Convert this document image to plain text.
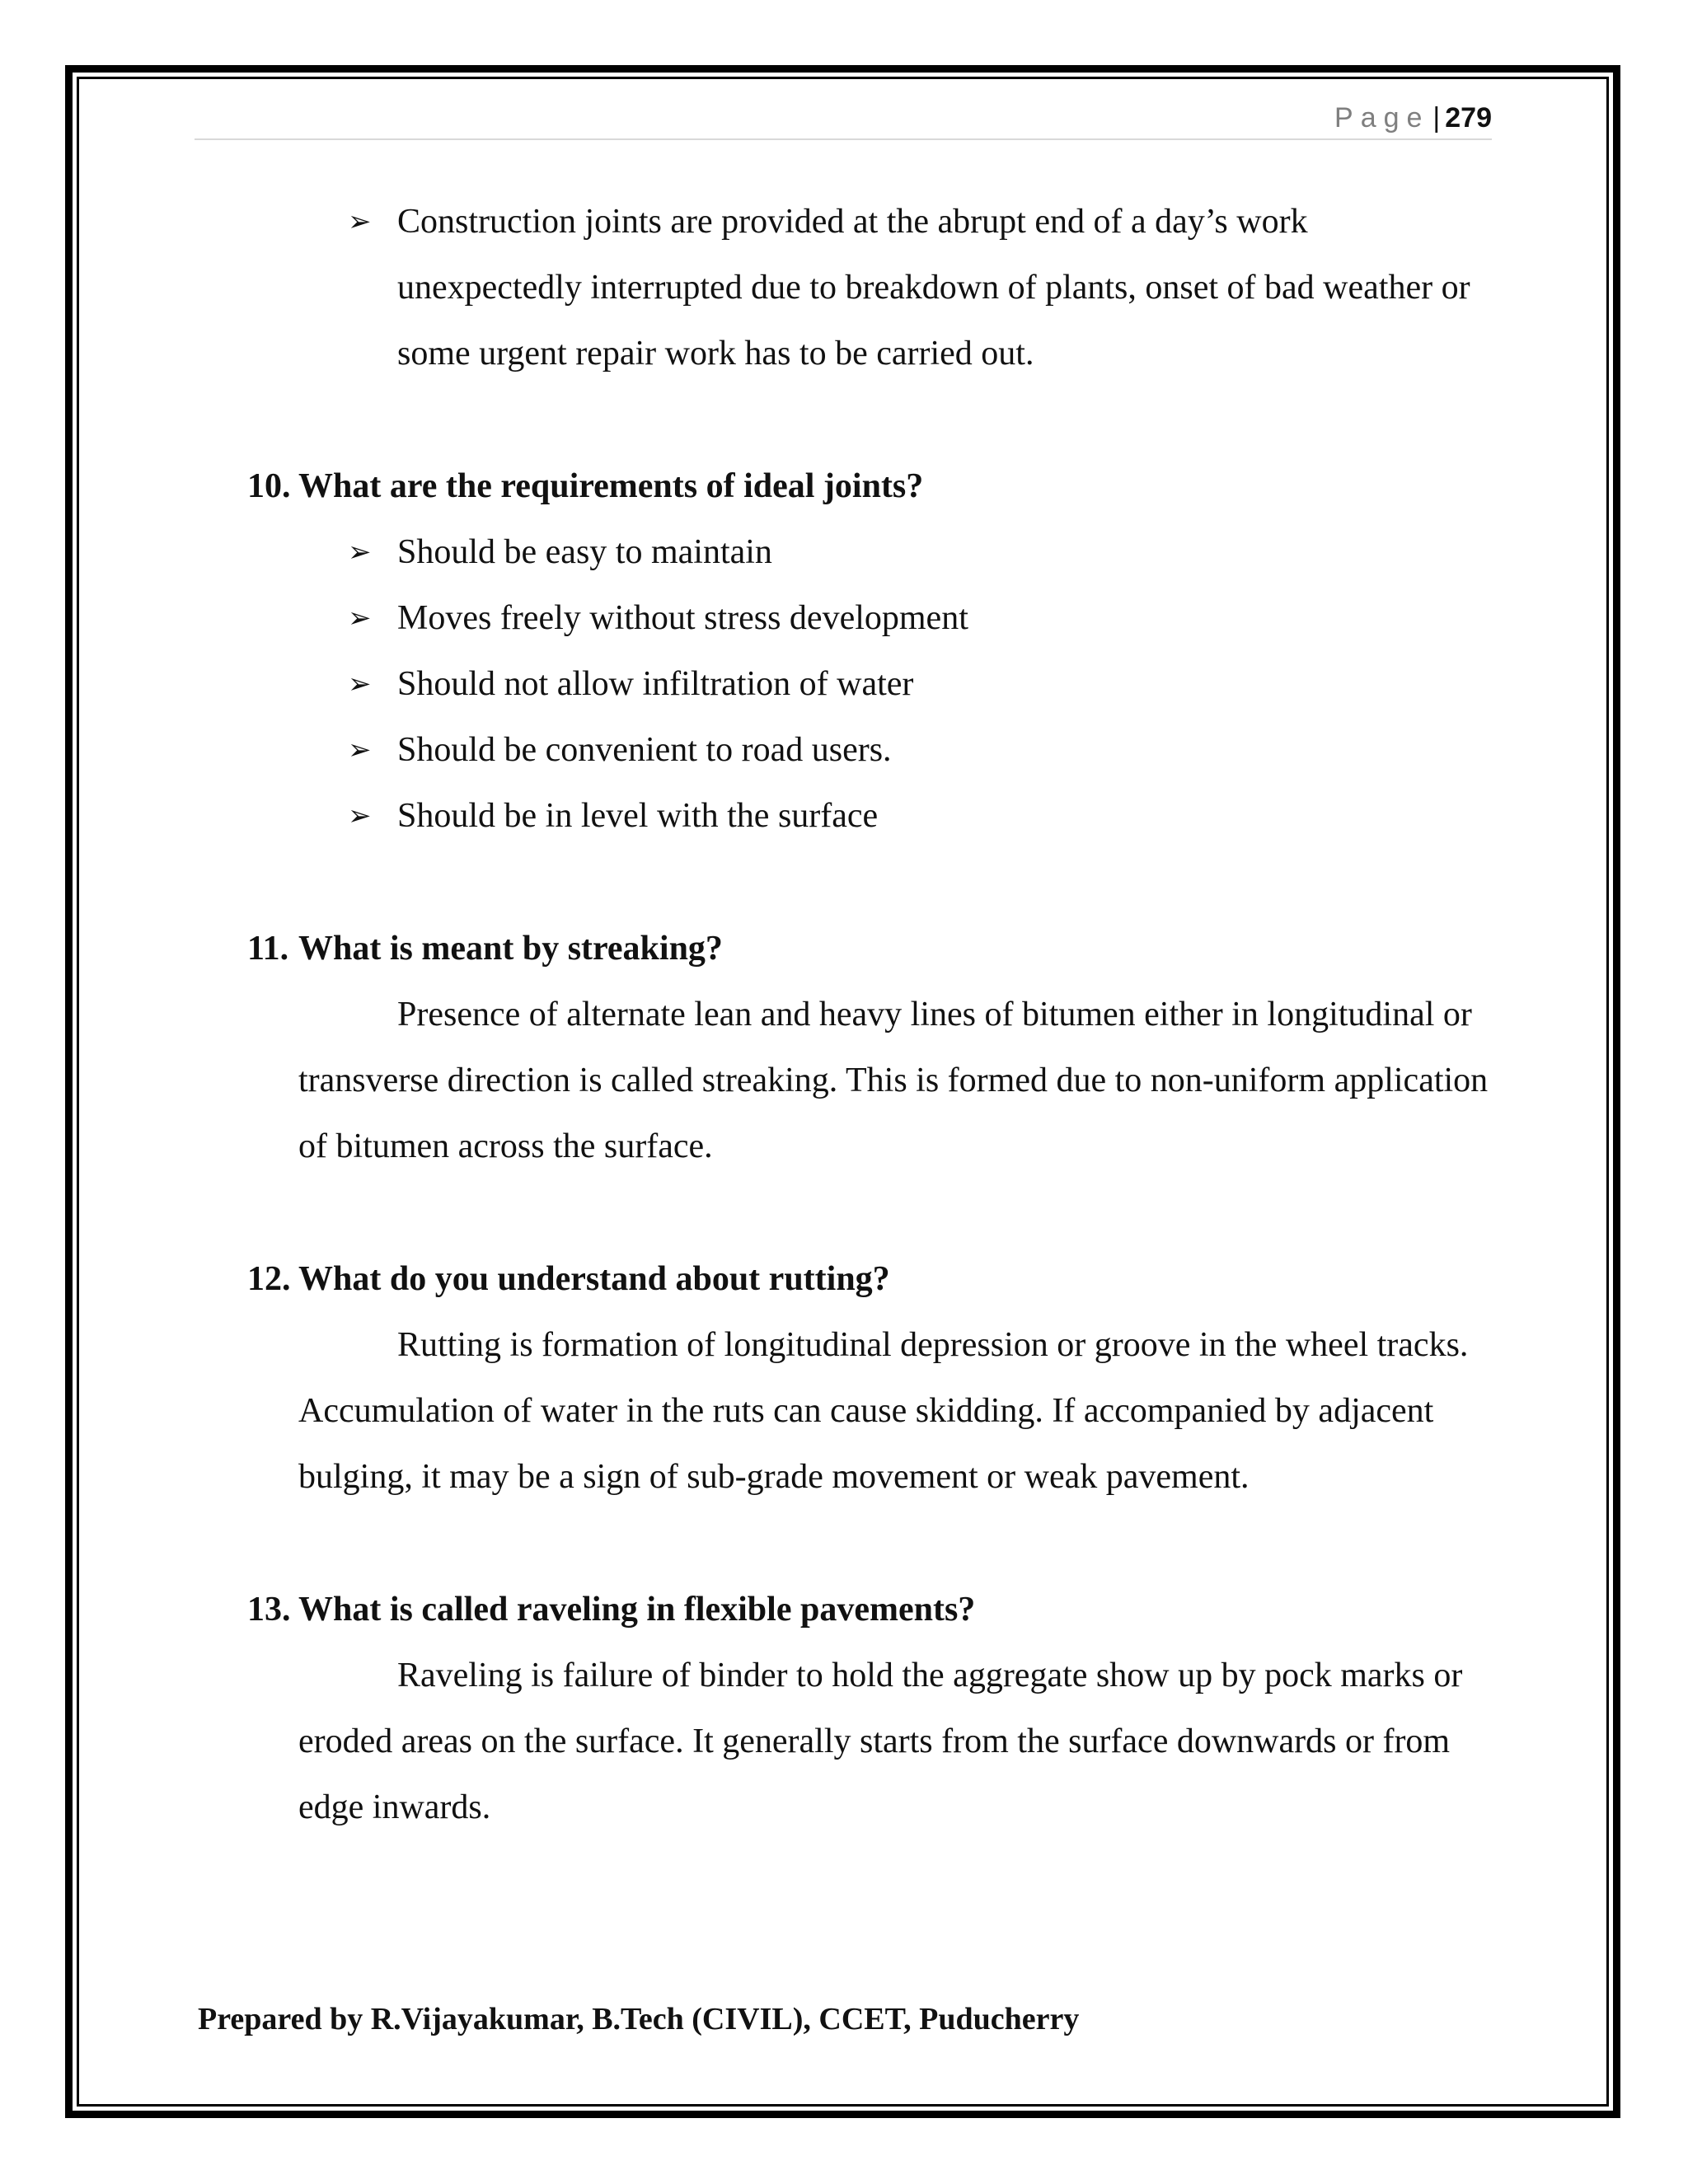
Page | 279
➢ Construction joints are provided at the abrupt end of a day’s work unexpectedly interrupted due to breakdown of plants, onset of bad weather or some urgent repair work has to be carried out.

10. What are the requirements of ideal joints?

➢ Should be easy to maintain
➢ Moves freely without stress development
➢ Should not allow infiltration of water
➢ Should be convenient to road users.
➢ Should be in level with the surface

11. What is meant by streaking?

Presence of alternate lean and heavy lines of bitumen either in longitudinal or transverse direction is called streaking. This is formed due to non-uniform application of bitumen across the surface.

12. What do you understand about rutting?

Rutting is formation of longitudinal depression or groove in the wheel tracks. Accumulation of water in the ruts can cause skidding. If accompanied by adjacent bulging, it may be a sign of sub-grade movement or weak pavement.

13. What is called raveling in flexible pavements?

Raveling is failure of binder to hold the aggregate show up by pock marks or eroded areas on the surface. It generally starts from the surface downwards or from edge inwards.

Prepared by R.Vijayakumar, B.Tech (CIVIL), CCET, Puducherry
